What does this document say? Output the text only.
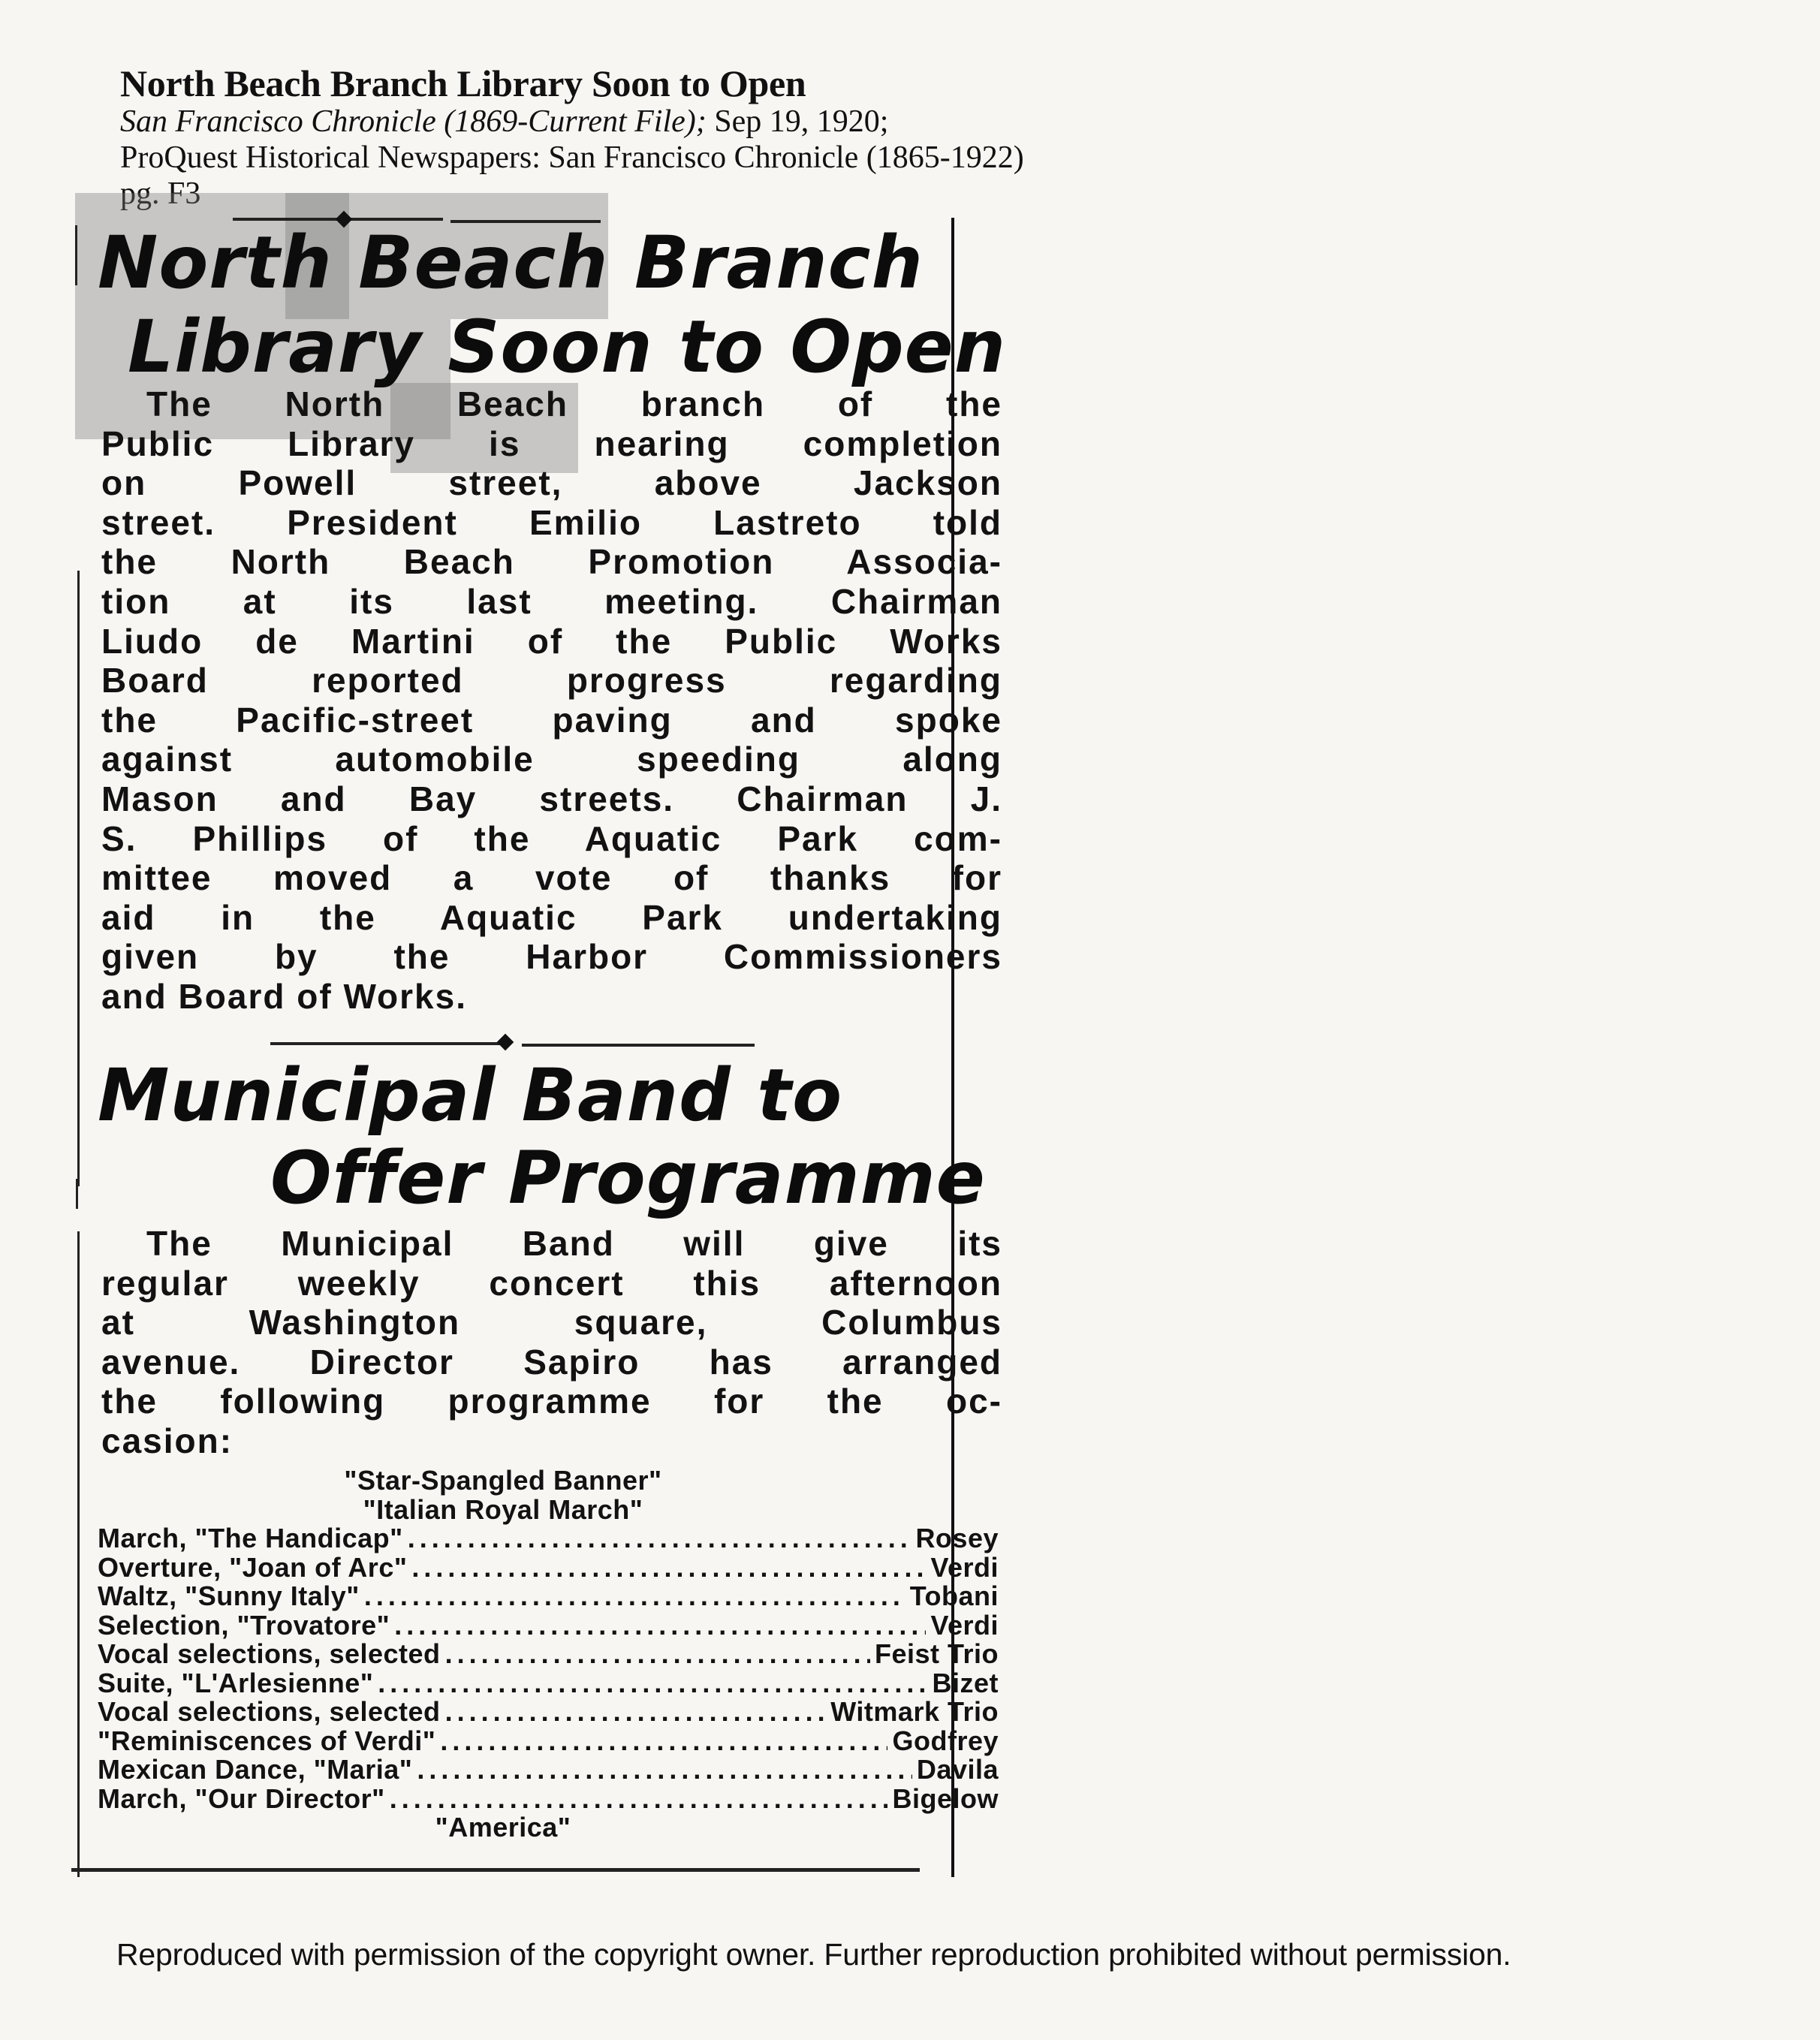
North Beach Branch Library Soon to Open
San Francisco Chronicle (1869-Current File); Sep 19, 1920;
ProQuest Historical Newspapers: San Francisco Chronicle (1865-1922)
pg. F3
North Beach Branch
Library Soon to Open
The North Beach branch of the
Public Library is nearing completion
on Powell street, above Jackson
street. President Emilio Lastreto told
the North Beach Promotion Associa-
tion at its last meeting. Chairman
Liudo de Martini of the Public Works
Board reported progress regarding
the Pacific-street paving and spoke
against automobile speeding along
Mason and Bay streets. Chairman J.
S. Phillips of the Aquatic Park com-
mittee moved a vote of thanks for
aid in the Aquatic Park undertaking
given by the Harbor Commissioners
and Board of Works.
Municipal Band to
Offer Programme
The Municipal Band will give its
regular weekly concert this afternoon
at Washington square, Columbus
avenue. Director Sapiro has arranged
the following programme for the oc-
casion:
"Star-Spangled Banner"
"Italian Royal March"
March, "The Handicap" .....	Rosey
Overture, "Joan of Arc" .....	Verdi
Waltz, "Sunny Italy" .....	Tobani
Selection, "Trovatore" .....	Verdi
Vocal selections, selected .....	Feist Trio
Suite, "L'Arlesienne" .....	Bizet
Vocal selections, selected .....	Witmark Trio
"Reminiscences of Verdi" .....	Godfrey
Mexican Dance, "Maria" .....	Davila
March, "Our Director" .....	Bigelow
"America"
Reproduced with permission of the copyright owner. Further reproduction prohibited without permission.
